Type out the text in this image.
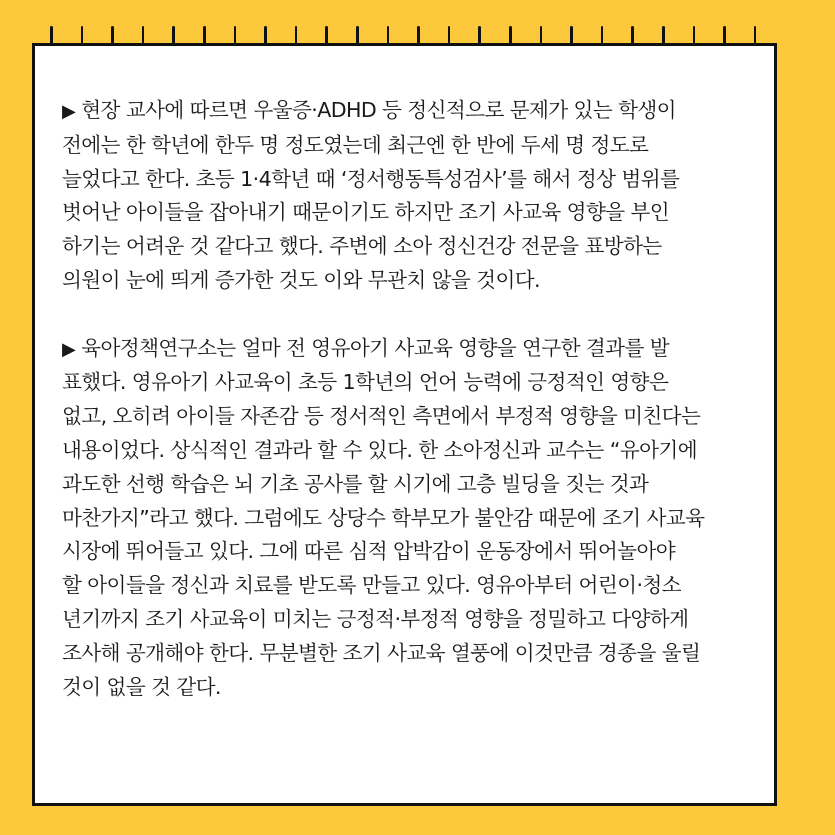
▶ 현장 교사에 따르면 우울증·ADHD 등 정신적으로 문제가 있는 학생이

전에는 한 학년에 한두 명 정도였는데 최근엔 한 반에 두세 명 정도로

늘었다고 한다. 초등 1·4학년 때 ‘정서행동특성검사’를 해서 정상 범위를

벗어난 아이들을 잡아내기 때문이기도 하지만 조기 사교육 영향을 부인

하기는 어려운 것 같다고 했다. 주변에 소아 정신건강 전문을 표방하는

의원이 눈에 띄게 증가한 것도 이와 무관치 않을 것이다.

▶ 육아정책연구소는 얼마 전 영유아기 사교육 영향을 연구한 결과를 발

표했다. 영유아기 사교육이 초등 1학년의 언어 능력에 긍정적인 영향은

없고, 오히려 아이들 자존감 등 정서적인 측면에서 부정적 영향을 미친다는

내용이었다. 상식적인 결과라 할 수 있다. 한 소아정신과 교수는 “유아기에

과도한 선행 학습은 뇌 기초 공사를 할 시기에 고층 빌딩을 짓는 것과

마찬가지”라고 했다. 그럼에도 상당수 학부모가 불안감 때문에 조기 사교육

시장에 뛰어들고 있다. 그에 따른 심적 압박감이 운동장에서 뛰어놀아야

할 아이들을 정신과 치료를 받도록 만들고 있다. 영유아부터 어린이·청소

년기까지 조기 사교육이 미치는 긍정적·부정적 영향을 정밀하고 다양하게

조사해 공개해야 한다. 무분별한 조기 사교육 열풍에 이것만큼 경종을 울릴

것이 없을 것 같다.
